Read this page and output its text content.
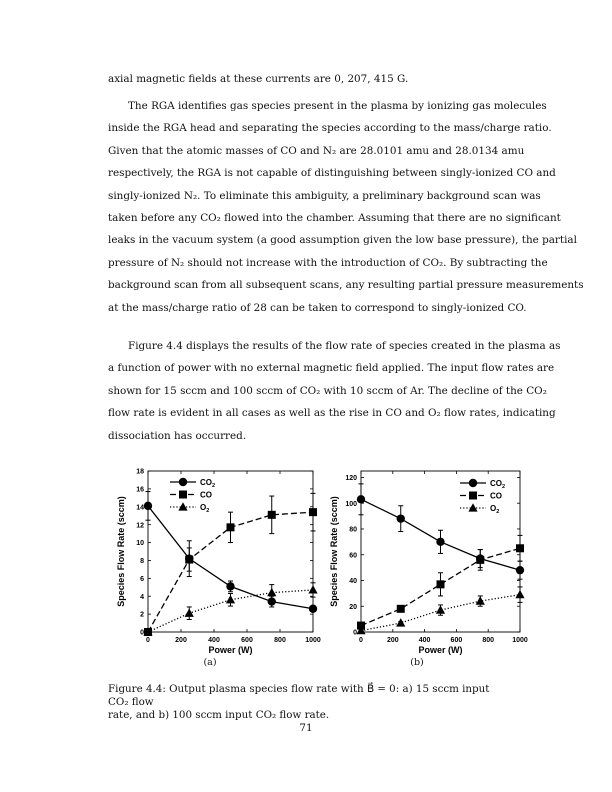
axial magnetic fields at these currents are 0, 207, 415 G.
The RGA identifies gas species present in the plasma by ionizing gas molecules
inside the RGA head and separating the species according to the mass/charge ratio.
Given that the atomic masses of CO and N₂ are 28.0101 amu and 28.0134 amu
respectively, the RGA is not capable of distinguishing between singly-ionized CO and
singly-ionized N₂. To eliminate this ambiguity, a preliminary background scan was
taken before any CO₂ flowed into the chamber. Assuming that there are no significant
leaks in the vacuum system (a good assumption given the low base pressure), the partial
pressure of N₂ should not increase with the introduction of CO₂. By subtracting the
background scan from all subsequent scans, any resulting partial pressure measurements
at the mass/charge ratio of 28 can be taken to correspond to singly-ionized CO.
Figure 4.4 displays the results of the flow rate of species created in the plasma as
a function of power with no external magnetic field applied. The input flow rates are
shown for 15 sccm and 100 sccm of CO₂ with 10 sccm of Ar. The decline of the CO₂
flow rate is evident in all cases as well as the rise in CO and O₂ flow rates, indicating
dissociation has occurred.
0
2
4
6
8
10
12
14
16
18
0	200	400	600	800	1000
Power (W)
Species Flow Rate (sccm)
$CO_2$
CO
$O_2$
(a)
0
20
40
60
80
100
120
0	200	400	600	800	1000
Power (W)
Species Flow Rate (sccm)
$CO_2$
CO
$O_2$
(b)
Figure 4.4: Output plasma species flow rate with B⃗ = 0: a) 15 sccm input CO₂ flow
rate, and b) 100 sccm input CO₂ flow rate.
71
